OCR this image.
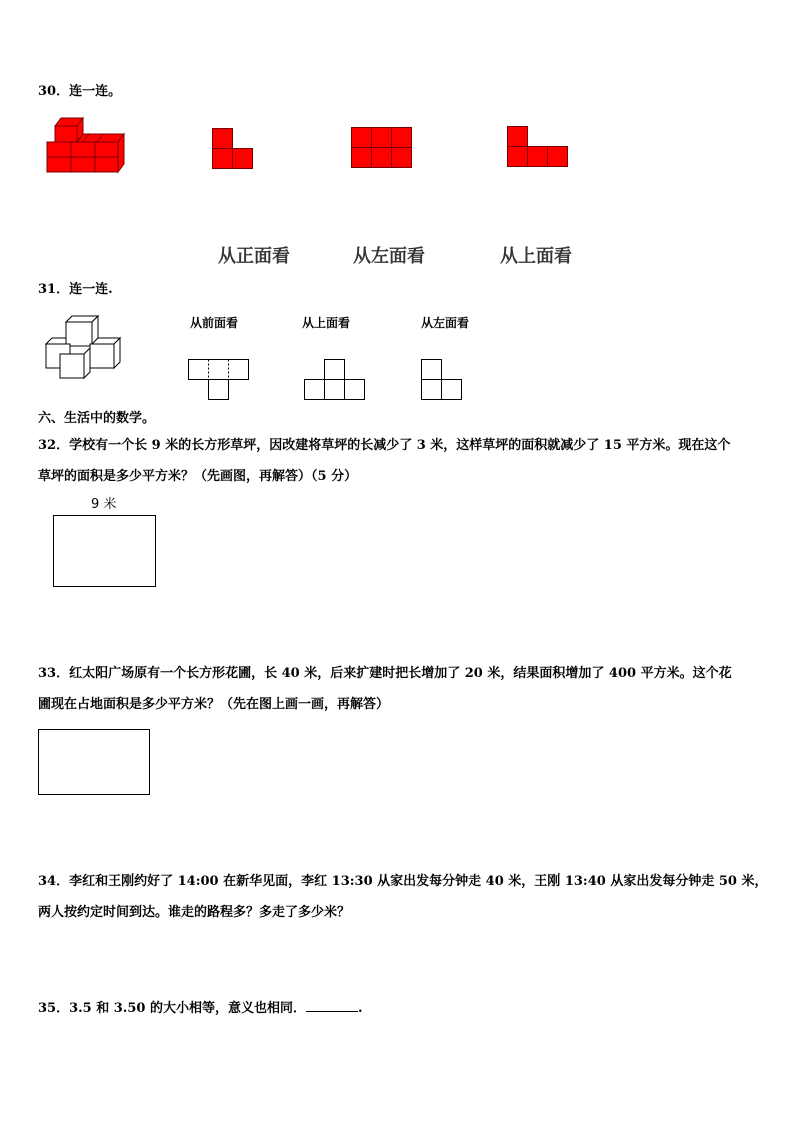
30．连一连。
从正面看	从左面看	从上面看
31．连一连.
从前面看	从上面看	从左面看
六、生活中的数学。
32．学校有一个长 9 米的长方形草坪，因改建将草坪的长减少了 3 米，这样草坪的面积就减少了 15 平方米。现在这个
草坪的面积是多少平方米？（先画图，再解答）（5 分）
9 米
33．红太阳广场原有一个长方形花圃，长 40 米，后来扩建时把长增加了 20 米，结果面积增加了 400 平方米。这个花
圃现在占地面积是多少平方米？（先在图上画一画，再解答）
34．李红和王刚约好了 14:00 在新华见面，李红 13:30 从家出发每分钟走 40 米，王刚 13:40 从家出发每分钟走 50 米，
两人按约定时间到达。谁走的路程多？多走了多少米？
35．3.5 和 3.50 的大小相等，意义也相同．	.
